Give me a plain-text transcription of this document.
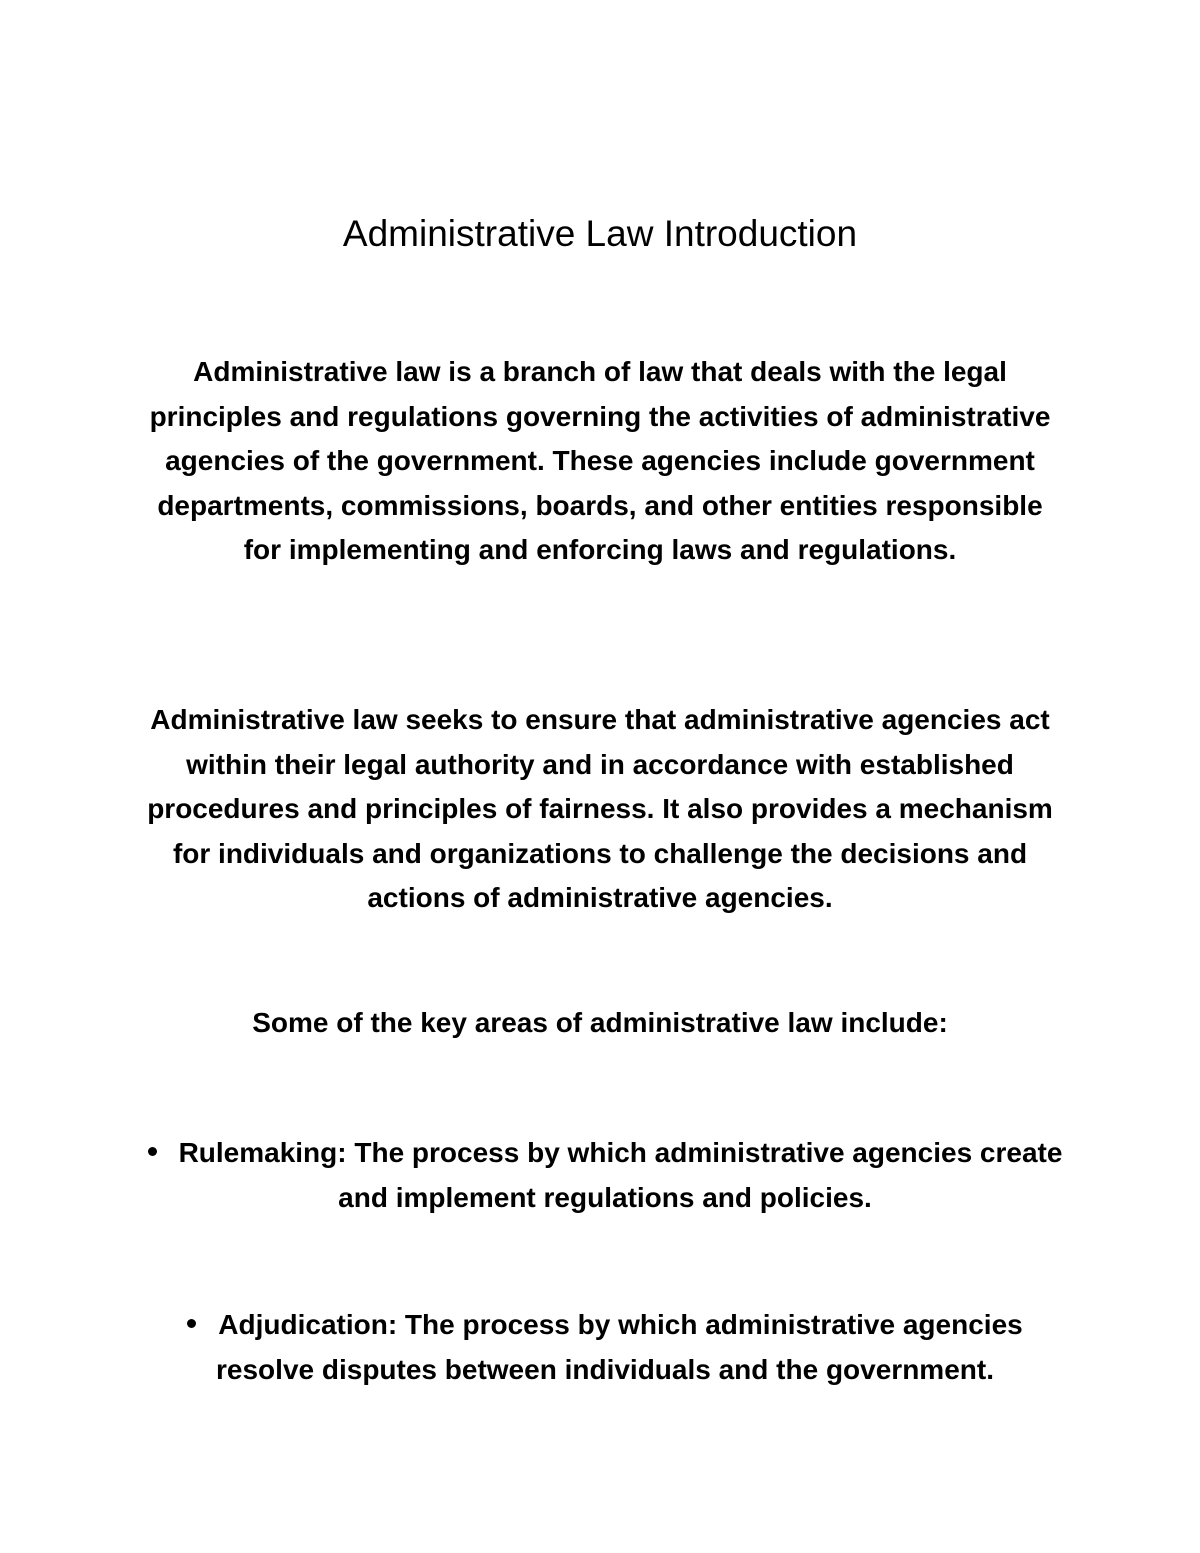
Administrative Law Introduction

Administrative law is a branch of law that deals with the legal principles and regulations governing the activities of administrative agencies of the government. These agencies include government departments, commissions, boards, and other entities responsible for implementing and enforcing laws and regulations.

Administrative law seeks to ensure that administrative agencies act within their legal authority and in accordance with established procedures and principles of fairness. It also provides a mechanism for individuals and organizations to challenge the decisions and actions of administrative agencies.

Some of the key areas of administrative law include:

Rulemaking: The process by which administrative agencies create and implement regulations and policies.
Adjudication: The process by which administrative agencies resolve disputes between individuals and the government.
